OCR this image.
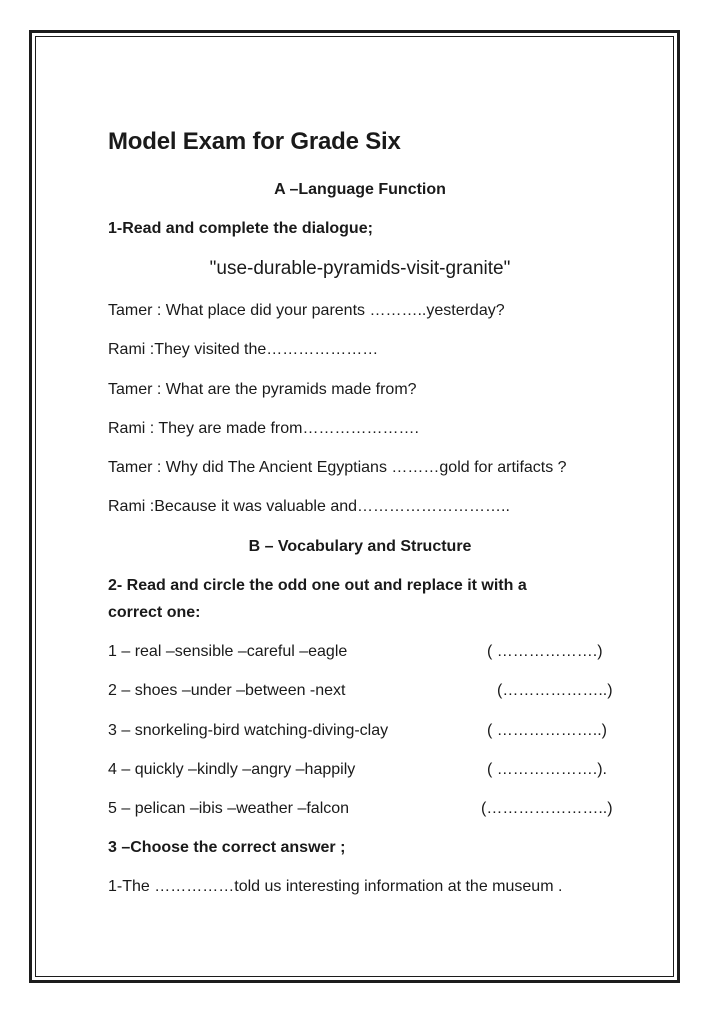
Model Exam for Grade Six
A –Language Function
1-Read and complete the dialogue;
"use-durable-pyramids-visit-granite"
Tamer : What place did your parents ………..yesterday?
Rami :They visited the…………………
Tamer : What are the pyramids made from?
Rami : They are made from………………….
Tamer : Why did The Ancient Egyptians ………gold for artifacts ?
Rami :Because it was valuable and………………………..
B – Vocabulary and Structure
2- Read and circle the odd one out and replace it with a
correct one:
1 – real –sensible –careful –eagle	( ……………….)
2 – shoes –under –between -next	(………………..)
3 – snorkeling-bird watching-diving-clay	( ………………..)
4 – quickly –kindly –angry –happily	( ……………….).
5 – pelican –ibis –weather –falcon	(…………………..)
3 –Choose the correct answer ;
1-The ……………told us interesting information at the museum .
